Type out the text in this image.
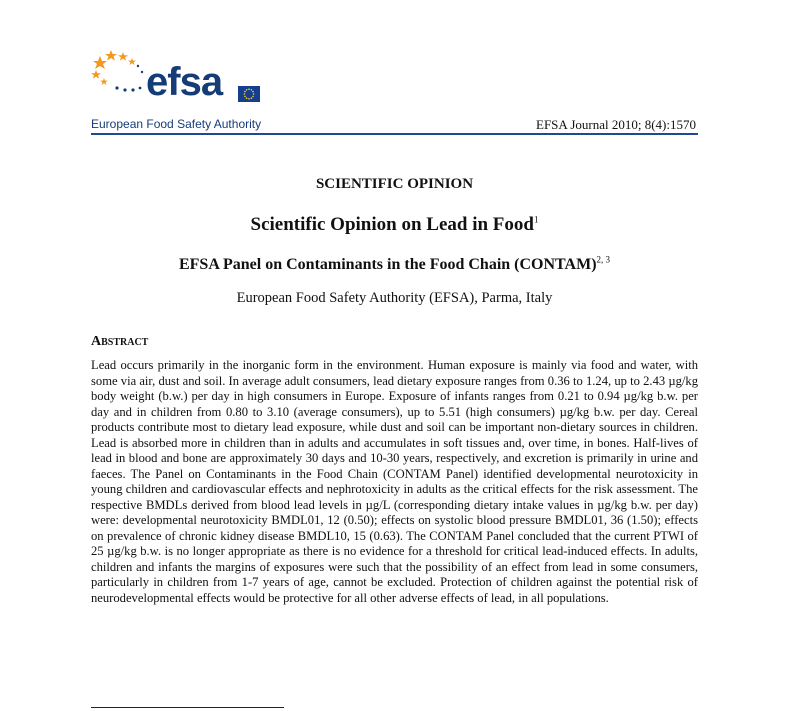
efsa
European Food Safety Authority	EFSA Journal 2010; 8(4):1570
SCIENTIFIC OPINION
Scientific Opinion on Lead in Food$^1$
EFSA Panel on Contaminants in the Food Chain (CONTAM)$^{2, 3}$
European Food Safety Authority (EFSA), Parma, Italy
Abstract
Lead occurs primarily in the inorganic form in the environment. Human exposure is mainly via food and water, with some via air, dust and soil. In average adult consumers, lead dietary exposure ranges from 0.36 to 1.24, up to 2.43 µg/kg body weight (b.w.) per day in high consumers in Europe. Exposure of infants ranges from 0.21 to 0.94 µg/kg b.w. per day and in children from 0.80 to 3.10 (average consumers), up to 5.51 (high consumers) µg/kg b.w. per day. Cereal products contribute most to dietary lead exposure, while dust and soil can be important non-dietary sources in children. Lead is absorbed more in children than in adults and accumulates in soft tissues and, over time, in bones. Half-lives of lead in blood and bone are approximately 30 days and 10-30 years, respectively, and excretion is primarily in urine and faeces. The Panel on Contaminants in the Food Chain (CONTAM Panel) identified developmental neurotoxicity in young children and cardiovascular effects and nephrotoxicity in adults as the critical effects for the risk assessment. The respective BMDLs derived from blood lead levels in µg/L (corresponding dietary intake values in µg/kg b.w. per day) were: developmental neurotoxicity BMDL01, 12 (0.50); effects on systolic blood pressure BMDL01, 36 (1.50); effects on prevalence of chronic kidney disease BMDL10, 15 (0.63). The CONTAM Panel concluded that the current PTWI of 25 µg/kg b.w. is no longer appropriate as there is no evidence for a threshold for critical lead-induced effects. In adults, children and infants the margins of exposures were such that the possibility of an effect from lead in some consumers, particularly in children from 1-7 years of age, cannot be excluded. Protection of children against the potential risk of neurodevelopmental effects would be protective for all other adverse effects of lead, in all populations.
